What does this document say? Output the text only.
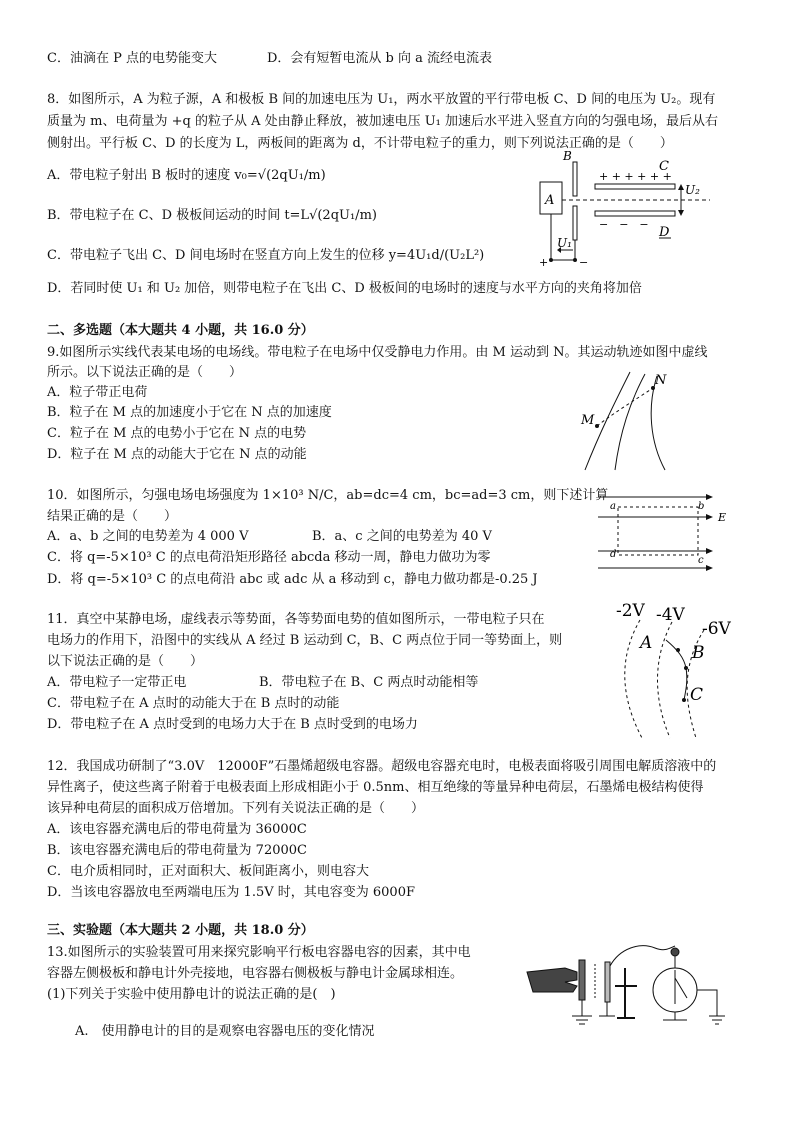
C．油滴在 P 点的电势能变大	D．会有短暂电流从 b 向 a 流经电流表
8．如图所示，A 为粒子源，A 和极板 B 间的加速电压为 U₁，两水平放置的平行带电板 C、D 间的电压为 U₂。现有
质量为 m、电荷量为 +q 的粒子从 A 处由静止释放，被加速电压 U₁ 加速后水平进入竖直方向的匀强电场，最后从右
侧射出。平行板 C、D 的长度为 L，两板间的距离为 d，不计带电粒子的重力，则下列说法正确的是（　　）
A．带电粒子射出 B 板时的速度 v₀=√(2qU₁/m)
B．带电粒子在 C、D 极板间运动的时间 t=L√(2qU₁/m)
C．带电粒子飞出 C、D 间电场时在竖直方向上发生的位移 y=4U₁d/(U₂L²)
D．若同时使 U₁ 和 U₂ 加倍，则带电粒子在飞出 C、D 极板间的电场时的速度与水平方向的夹角将加倍
A
B
+ + + + + +
C
−　−　−
D
U₂
U₁
+	−
二、多选题（本大题共 4 小题，共 16.0 分）
9.如图所示实线代表某电场的电场线。带电粒子在电场中仅受静电力作用。由 M 运动到 N。其运动轨迹如图中虚线
所示。以下说法正确的是（　　）
A．粒子带正电荷
B．粒子在 M 点的加速度小于它在 N 点的加速度
C．粒子在 M 点的电势小于它在 N 点的电势
D．粒子在 M 点的动能大于它在 N 点的动能
M
N
10．如图所示，匀强电场电场强度为 1×10³ N/C，ab=dc=4 cm，bc=ad=3 cm，则下述计算
结果正确的是（　　）
A．a、b 之间的电势差为 4 000 V	B．a、c 之间的电势差为 40 V
C．将 q=-5×10³ C 的点电荷沿矩形路径 abcda 移动一周，静电力做功为零
D．将 q=-5×10³ C 的点电荷沿 abc 或 adc 从 a 移动到 c，静电力做功都是-0.25 J
a	b
c
d
E
11．真空中某静电场，虚线表示等势面，各等势面电势的值如图所示，一带电粒子只在
电场力的作用下，沿图中的实线从 A 经过 B 运动到 C，B、C 两点位于同一等势面上，则
以下说法正确的是（　　）
A．带电粒子一定带正电	B．带电粒子在 B、C 两点时动能相等
C．带电粒子在 A 点时的动能大于在 B 点时的动能
D．带电粒子在 A 点时受到的电场力大于在 B 点时受到的电场力
-2V -4V
-6V
A B
C
12．我国成功研制了“3.0V　12000F”石墨烯超级电容器。超级电容器充电时，电极表面将吸引周围电解质溶液中的
异性离子，使这些离子附着于电极表面上形成相距小于 0.5nm、相互绝缘的等量异种电荷层，石墨烯电极结构使得
该异种电荷层的面积成万倍增加。下列有关说法正确的是（　　）
A．该电容器充满电后的带电荷量为 36000C
B．该电容器充满电后的带电荷量为 72000C
C．电介质相同时，正对面积大、板间距离小，则电容大
D．当该电容器放电至两端电压为 1.5V 时，其电容变为 6000F
三、实验题（本大题共 2 小题，共 18.0 分）
13.如图所示的实验装置可用来探究影响平行板电容器电容的因素，其中电
容器左侧极板和静电计外壳接地，电容器右侧极板与静电计金属球相连。
(1)下列关于实验中使用静电计的说法正确的是(　)
A.　使用静电计的目的是观察电容器电压的变化情况
